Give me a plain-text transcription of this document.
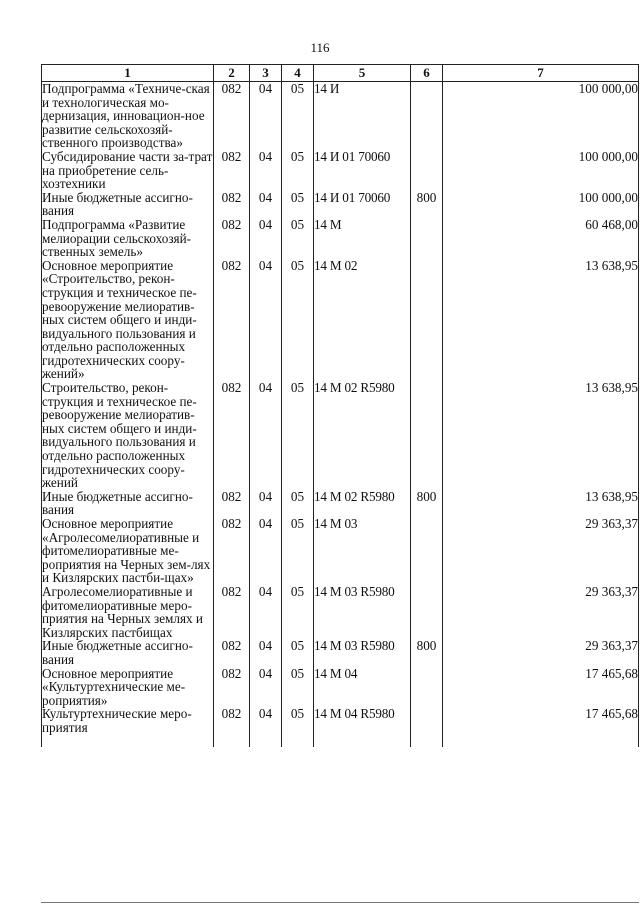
116
1	2	3	4	5	6	7
Подпрограмма «Техниче-ская и технологическая мо-дернизация, инновацион-ное развитие сельскохозяй-ственного производства»	082	04	05	14 И		100 000,00
Субсидирование части за-трат на приобретение сель-хозтехники	082	04	05	14 И 01 70060		100 000,00
Иные бюджетные ассигно-вания	082	04	05	14 И 01 70060	800	100 000,00
Подпрограмма «Развитие мелиорации сельскохозяй-ственных земель»	082	04	05	14 М		60 468,00
Основное мероприятие «Строительство, рекон-струкция и техническое пе-ревооружение мелиоратив-ных систем общего и инди-видуального пользования и отдельно расположенных гидротехнических соору-жений»	082	04	05	14 М 02		13 638,95
Строительство, рекон-струкция и техническое пе-ревооружение мелиоратив-ных систем общего и инди-видуального пользования и отдельно расположенных гидротехнических соору-жений	082	04	05	14 М 02 R5980		13 638,95
Иные бюджетные ассигно-вания	082	04	05	14 М 02 R5980	800	13 638,95
Основное мероприятие «Агролесомелиоративные и фитомелиоративные ме-роприятия на Черных зем-лях и Кизлярских пастби-щах»	082	04	05	14 М 03		29 363,37
Агролесомелиоративные и фитомелиоративные меро-приятия на Черных землях и Кизлярских пастбищах	082	04	05	14 М 03 R5980		29 363,37
Иные бюджетные ассигно-вания	082	04	05	14 М 03 R5980	800	29 363,37
Основное мероприятие «Культуртехнические ме-роприятия»	082	04	05	14 М 04		17 465,68
Культуртехнические меро-приятия	082	04	05	14 М 04 R5980		17 465,68
